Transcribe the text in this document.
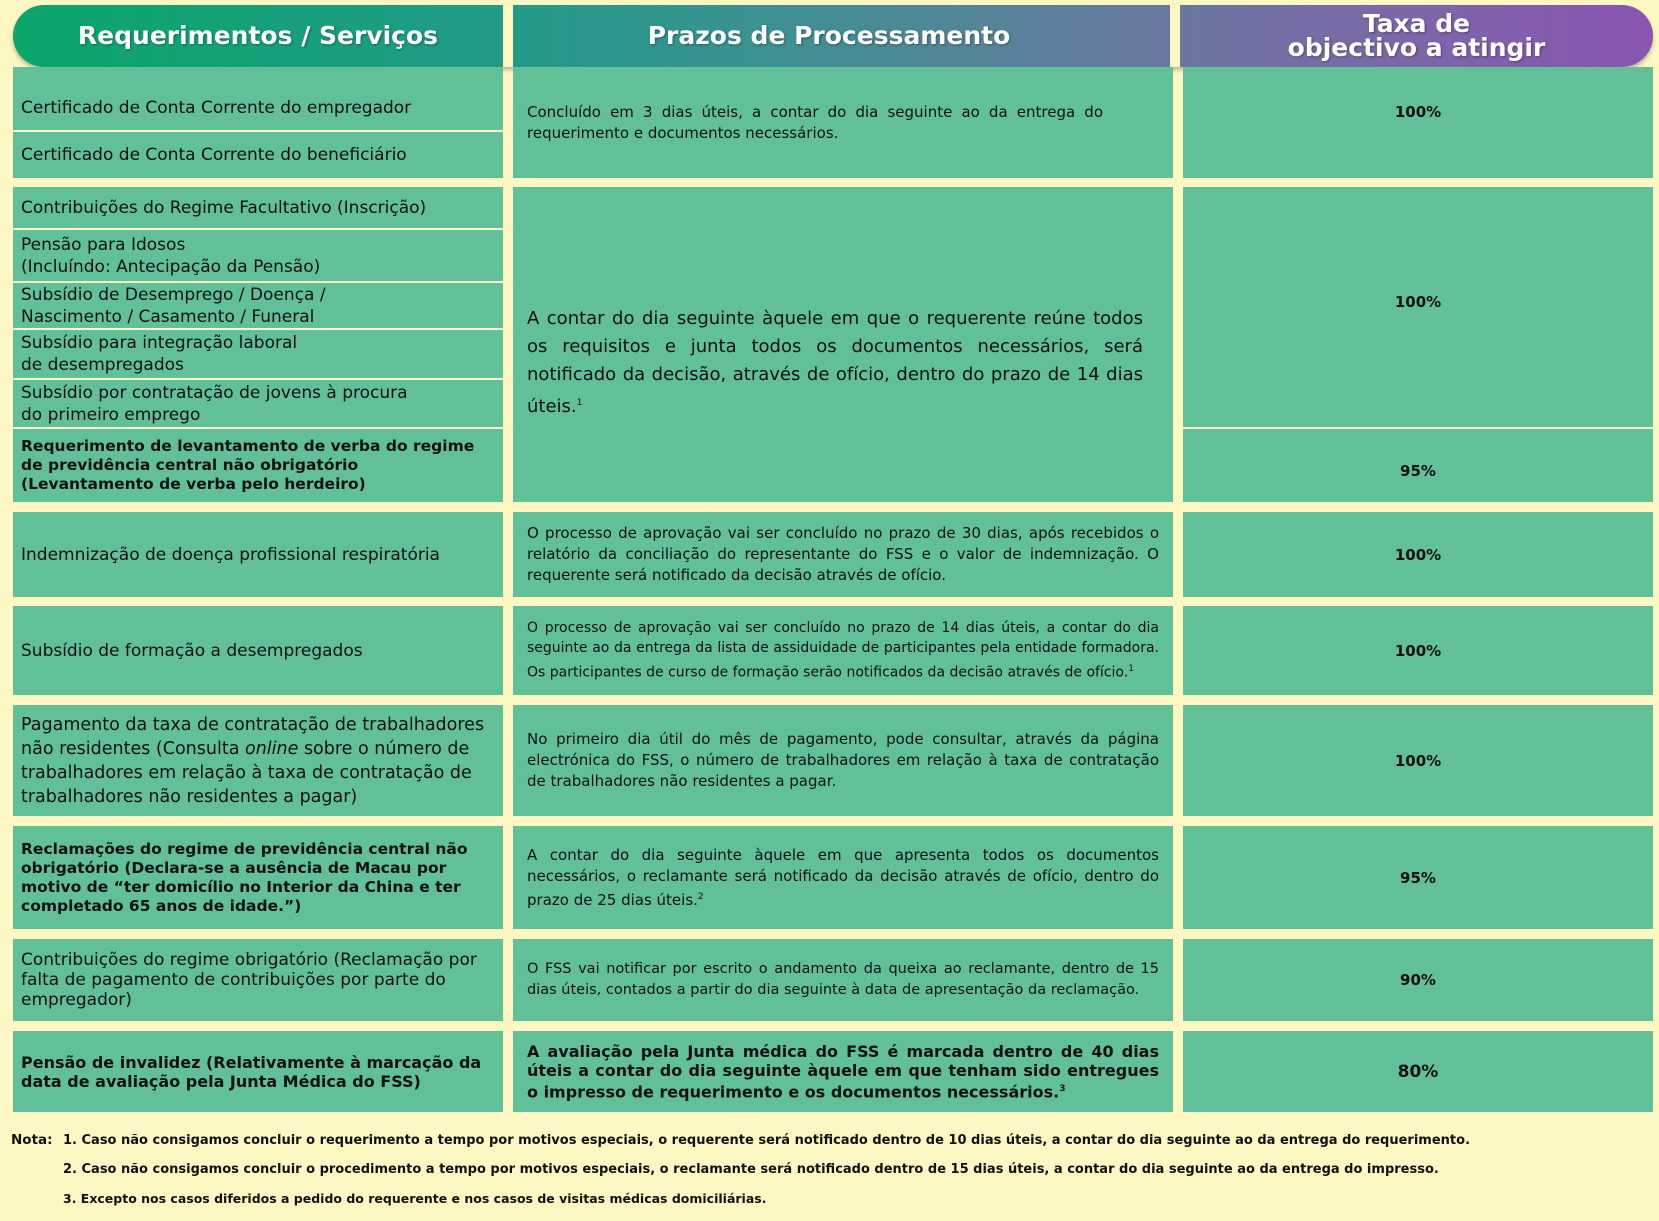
Requerimentos / Serviços	Prazos de Processamento	Taxa de
objectivo a atingir
Certificado de Conta Corrente do empregador
Certificado de Conta Corrente do beneficiário
Concluído em 3 dias úteis, a contar do dia seguinte ao da entrega do requerimento e documentos necessários.
100%
Contribuições do Regime Facultativo (Inscrição)
Pensão para Idosos
(Incluíndo: Antecipação da Pensão)
Subsídio de Desemprego / Doença /
Nascimento / Casamento / Funeral
Subsídio para integração laboral
de desempregados
Subsídio por contratação de jovens à procura
do primeiro emprego
Requerimento de levantamento de verba do regime de previdência central não obrigatório (Levantamento de verba pelo herdeiro)
A contar do dia seguinte àquele em que o requerente reúne todos os requisitos e junta todos os documentos necessários, será notificado da decisão, através de ofício, dentro do prazo de 14 dias úteis.$^1$
100%
95%
Indemnização de doença profissional respiratória
O processo de aprovação vai ser concluído no prazo de 30 dias, após recebidos o relatório da conciliação do representante do FSS e o valor de indemnização. O requerente será notificado da decisão através de ofício.
100%
Subsídio de formação a desempregados
O processo de aprovação vai ser concluído no prazo de 14 dias úteis, a contar do dia seguinte ao da entrega da lista de assiduidade de participantes pela entidade formadora. Os participantes de curso de formação serão notificados da decisão através de ofício.$^1$
100%
Pagamento da taxa de contratação de trabalhadores não residentes (Consulta online sobre o número de trabalhadores em relação à taxa de contratação de trabalhadores não residentes a pagar)
No primeiro dia útil do mês de pagamento, pode consultar, através da página electrónica do FSS, o número de trabalhadores em relação à taxa de contratação de trabalhadores não residentes a pagar.
100%
Reclamações do regime de previdência central não obrigatório (Declara-se a ausência de Macau por motivo de “ter domicílio no Interior da China e ter completado 65 anos de idade.”)
A contar do dia seguinte àquele em que apresenta todos os documentos necessários, o reclamante será notificado da decisão através de ofício, dentro do prazo de 25 dias úteis.$^2$
95%
Contribuições do regime obrigatório (Reclamação por falta de pagamento de contribuições por parte do empregador)
O FSS vai notificar por escrito o andamento da queixa ao reclamante, dentro de 15 dias úteis, contados a partir do dia seguinte à data de apresentação da reclamação.
90%
Pensão de invalidez (Relativamente à marcação da data de avaliação pela Junta Médica do FSS)
A avaliação pela Junta médica do FSS é marcada dentro de 40 dias úteis a contar do dia seguinte àquele em que tenham sido entregues o impresso de requerimento e os documentos necessários.$^3$
80%
Nota: 1. Caso não consigamos concluir o requerimento a tempo por motivos especiais, o requerente será notificado dentro de 10 dias úteis, a contar do dia seguinte ao da entrega do requerimento.
2. Caso não consigamos concluir o procedimento a tempo por motivos especiais, o reclamante será notificado dentro de 15 dias úteis, a contar do dia seguinte ao da entrega do impresso.
3. Excepto nos casos diferidos a pedido do requerente e nos casos de visitas médicas domiciliárias.
